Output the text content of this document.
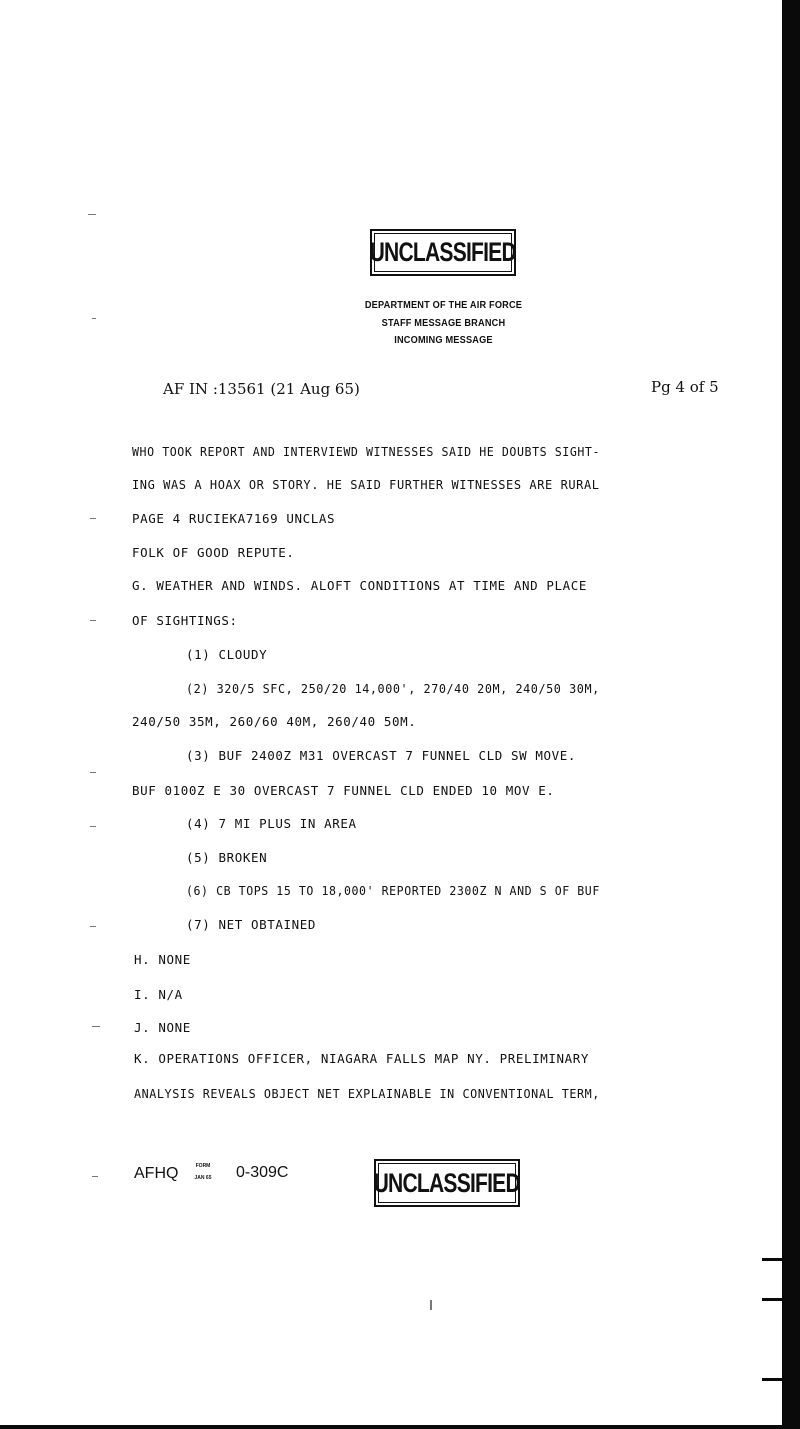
UNCLASSIFIED
DEPARTMENT OF THE AIR FORCE
STAFF MESSAGE BRANCH
INCOMING MESSAGE
AF IN :13561 (21 Aug 65)	Pg 4 of 5
WHO TOOK REPORT AND INTERVIEWD WITNESSES SAID HE DOUBTS SIGHT-
ING WAS A HOAX OR STORY. HE SAID FURTHER WITNESSES ARE RURAL
PAGE 4 RUCIEKA7169 UNCLAS
FOLK OF GOOD REPUTE.
G. WEATHER AND WINDS. ALOFT CONDITIONS AT TIME AND PLACE
OF SIGHTINGS:
(1) CLOUDY
(2) 320/5 SFC, 250/20 14,000', 270/40 20M, 240/50 30M,
240/50 35M, 260/60 40M, 260/40 50M.
(3) BUF 2400Z M31 OVERCAST 7 FUNNEL CLD SW MOVE.
BUF 0100Z E 30 OVERCAST 7 FUNNEL CLD ENDED 10 MOV E.
(4) 7 MI PLUS IN AREA
(5) BROKEN
(6) CB TOPS 15 TO 18,000' REPORTED 2300Z N AND S OF BUF
(7) NET OBTAINED
H. NONE
I. N/A
J. NONE
K. OPERATIONS OFFICER, NIAGARA FALLS MAP NY. PRELIMINARY
ANALYSIS REVEALS OBJECT NET EXPLAINABLE IN CONVENTIONAL TERM,
AFHQ	FORM
JAN 65 0-309C	UNCLASSIFIED
